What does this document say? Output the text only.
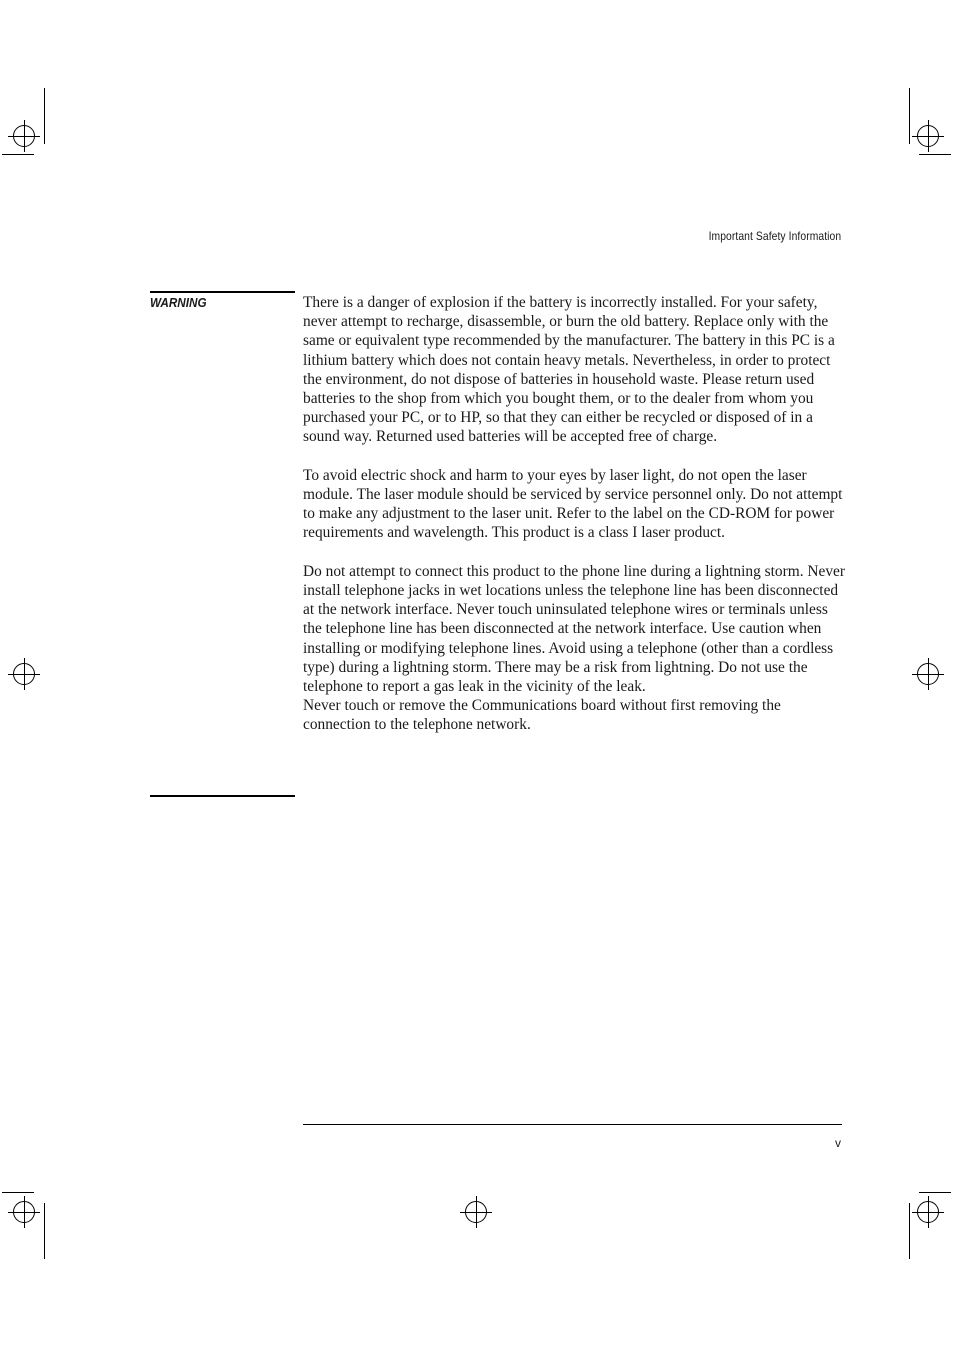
Important Safety Information
WARNING	There is a danger of explosion if the battery is incorrectly installed. For your safety, never attempt to recharge, disassemble, or burn the old battery. Replace only with the same or equivalent type recommended by the manufacturer. The battery in this PC is a lithium battery which does not contain heavy metals. Nevertheless, in order to protect the environment, do not dispose of batteries in household waste. Please return used batteries to the shop from which you bought them, or to the dealer from whom you purchased your PC, or to HP, so that they can either be recycled or disposed of in a sound way. Returned used batteries will be accepted free of charge.

To avoid electric shock and harm to your eyes by laser light, do not open the laser module. The laser module should be serviced by service personnel only. Do not attempt to make any adjustment to the laser unit. Refer to the label on the CD-ROM for power requirements and wavelength. This product is a class I laser product.

Do not attempt to connect this product to the phone line during a lightning storm. Never install telephone jacks in wet locations unless the telephone line has been disconnected at the network interface. Never touch uninsulated telephone wires or terminals unless the telephone line has been disconnected at the network interface. Use caution when installing or modifying telephone lines. Avoid using a telephone (other than a cordless type) during a lightning storm. There may be a risk from lightning. Do not use the telephone to report a gas leak in the vicinity of the leak.

Never touch or remove the Communications board without first removing the connection to the telephone network.

v
